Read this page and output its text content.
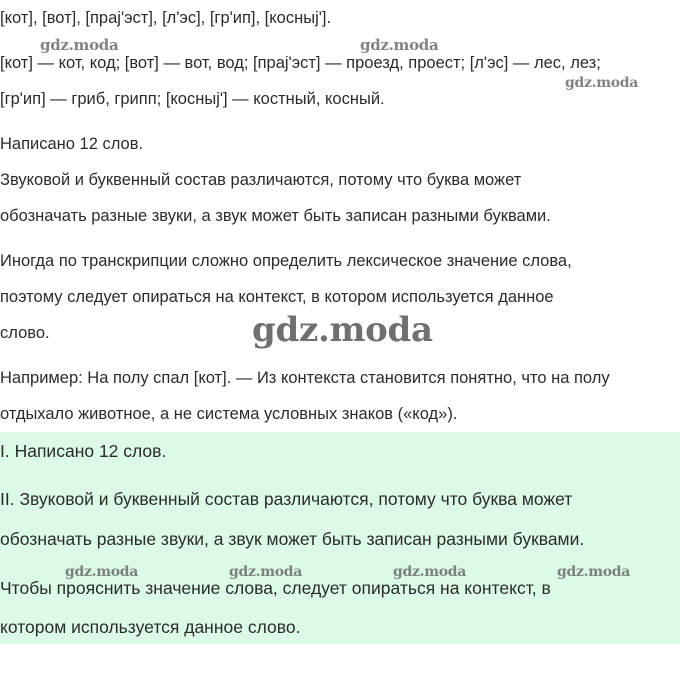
[кот], [вот], [праj'эст], [л'эс], [гр'ип], [косныj'].
[кот] — кот, код; [вот] — вот, вод; [праj'эст] — проезд, проест; [л'эс] — лес, лез;
[гр'ип] — гриб, грипп; [косныj'] — костный, косный.
Написано 12 слов.
Звуковой и буквенный состав различаются, потому что буква может
обозначать разные звуки, а звук может быть записан разными буквами.
Иногда по транскрипции сложно определить лексическое значение слова,
поэтому следует опираться на контекст, в котором используется данное
слово.
Например: На полу спал [кот]. — Из контекста становится понятно, что на полу
отдыхало животное, а не система условных знаков («код»).
I. Написано 12 слов.
II. Звуковой и буквенный состав различаются, потому что буква может
обозначать разные звуки, а звук может быть записан разными буквами.
Чтобы прояснить значение слова, следует опираться на контекст, в
котором используется данное слово.
gdz.moda	gdz.moda
gdz.moda
gdz.moda
gdz.moda	gdz.moda	gdz.moda	gdz.moda
